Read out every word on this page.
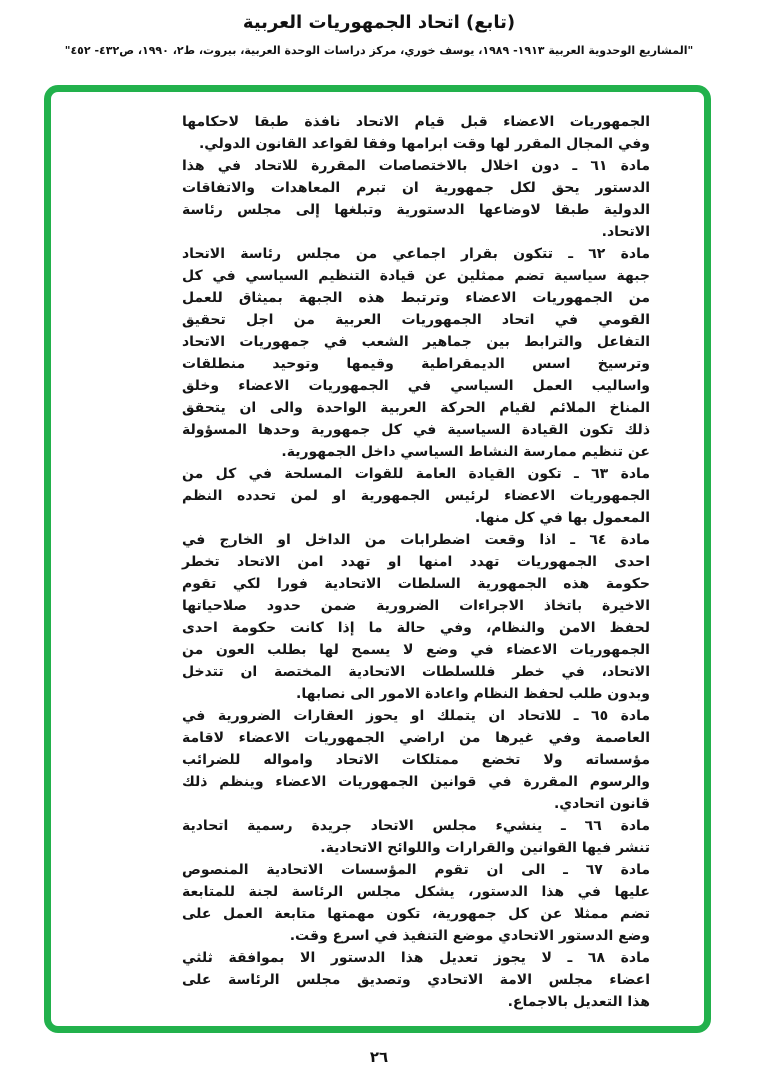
(تابع) اتحاد الجمهوريات العربية
"المشاريع الوحدوية العربية ١٩١٣- ١٩٨٩، يوسف خوري، مركز دراسات الوحدة العربية، بيروت، ط٢، ١٩٩٠، ص٤٣٢- ٤٥٢"
الجمهوريات الاعضاء قبل قيام الاتحاد نافذة طبقا لاحكامها
وفي المجال المقرر لها وقت ابرامها وفقا لقواعد القانون الدولي.
مادة ٦١ ـ دون اخلال بالاختصاصات المقررة للاتحاد في هذا
الدستور يحق لكل جمهورية ان تبرم المعاهدات والاتفاقات
الدولية طبقا لاوضاعها الدستورية وتبلغها إلى مجلس رئاسة
الاتحاد.
مادة ٦٢ ـ تتكون بقرار اجماعي من مجلس رئاسة الاتحاد
جبهة سياسية تضم ممثلين عن قيادة التنظيم السياسي في كل
من الجمهوريات الاعضاء وترتبط هذه الجبهة بميثاق للعمل
القومي في اتحاد الجمهوريات العربية من اجل تحقيق
التفاعل والترابط بين جماهير الشعب في جمهوريات الاتحاد
وترسيخ اسس الديمقراطية وقيمها وتوحيد منطلقات
واساليب العمل السياسي في الجمهوريات الاعضاء وخلق
المناخ الملائم لقيام الحركة العربية الواحدة والى ان يتحقق
ذلك تكون القيادة السياسية في كل جمهورية وحدها المسؤولة
عن تنظيم ممارسة النشاط السياسي داخل الجمهورية.
مادة ٦٣ ـ تكون القيادة العامة للقوات المسلحة في كل من
الجمهوريات الاعضاء لرئيس الجمهورية او لمن تحدده النظم
المعمول بها في كل منها.
مادة ٦٤ ـ اذا وقعت اضطرابات من الداخل او الخارج في
احدى الجمهوريات تهدد امنها او تهدد امن الاتحاد تخطر
حكومة هذه الجمهورية السلطات الاتحادية فورا لكي تقوم
الاخيرة باتخاذ الاجراءات الضرورية ضمن حدود صلاحياتها
لحفظ الامن والنظام، وفي حالة ما إذا كانت حكومة احدى
الجمهوريات الاعضاء في وضع لا يسمح لها بطلب العون من
الاتحاد، في خطر فللسلطات الاتحادية المختصة ان تتدخل
وبدون طلب لحفظ النظام واعادة الامور الى نصابها.
مادة ٦٥ ـ للاتحاد ان يتملك او يحوز العقارات الضرورية في
العاصمة وفي غيرها من اراضي الجمهوريات الاعضاء لاقامة
مؤسساته ولا تخضع ممتلكات الاتحاد وامواله للضرائب
والرسوم المقررة في قوانين الجمهوريات الاعضاء وينظم ذلك
قانون اتحادي.
مادة ٦٦ ـ ينشيء مجلس الاتحاد جريدة رسمية اتحادية
تنشر فيها القوانين والقرارات واللوائح الاتحادية.
مادة ٦٧ ـ الى ان تقوم المؤسسات الاتحادية المنصوص
عليها في هذا الدستور، يشكل مجلس الرئاسة لجنة للمتابعة
تضم ممثلا عن كل جمهورية، تكون مهمتها متابعة العمل على
وضع الدستور الاتحادي موضع التنفيذ في اسرع وقت.
مادة ٦٨ ـ لا يجوز تعديل هذا الدستور الا بموافقة ثلثي
اعضاء مجلس الامة الاتحادي وتصديق مجلس الرئاسة على
هذا التعديل بالاجماع.
٢٦
